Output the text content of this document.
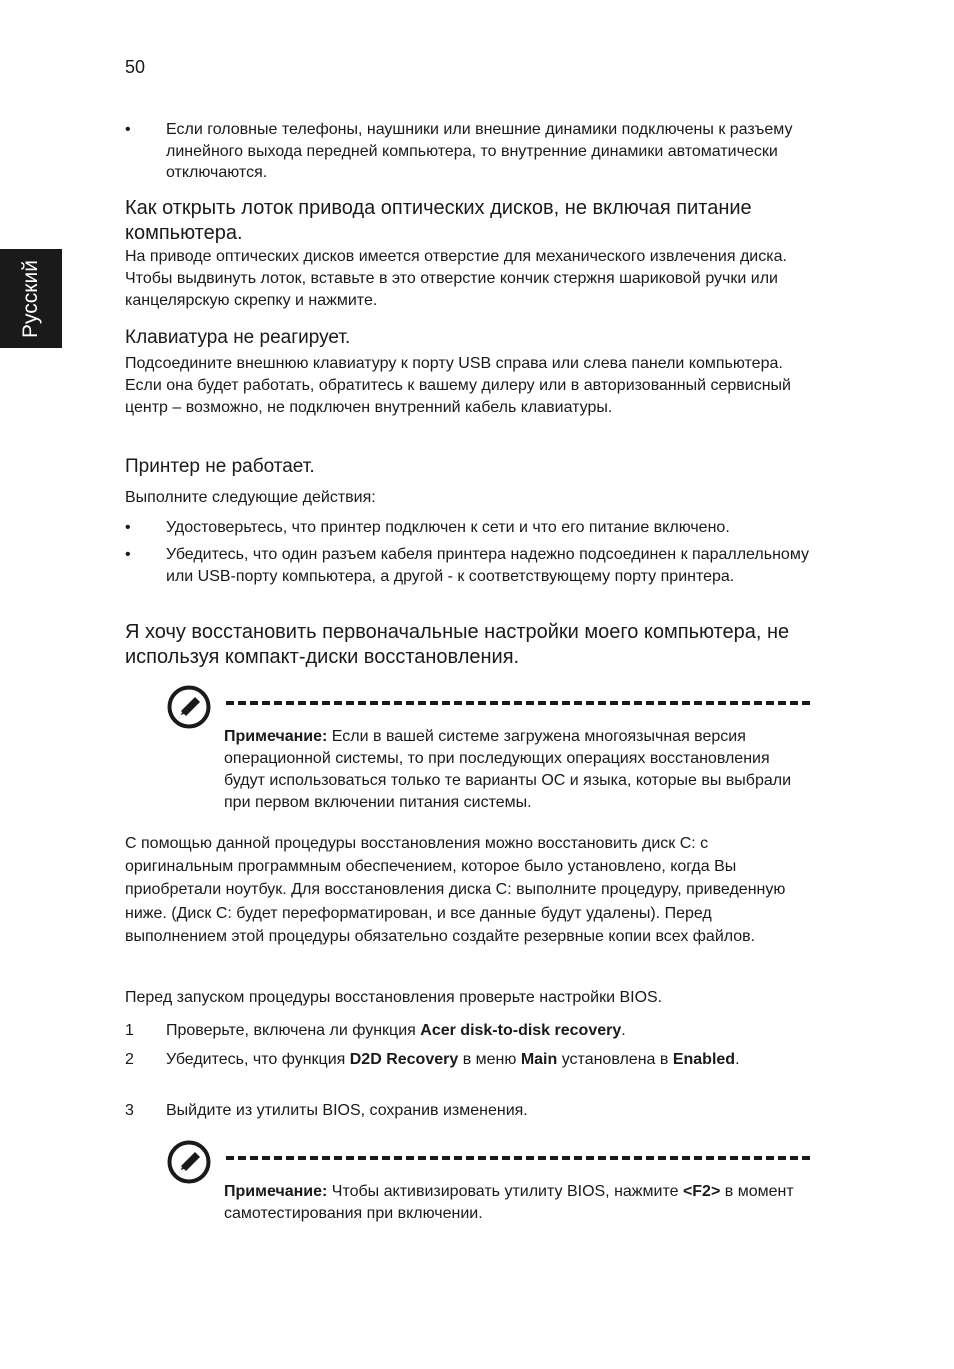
50
Русский
•	Если головные телефоны, наушники или внешние динамики подключены к разъему линейного выхода передней компьютера, то внутренние динамики автоматически отключаются.
Как открыть лоток привода оптических дисков, не включая питание компьютера.
На приводе оптических дисков имеется отверстие для механического извлечения диска. Чтобы выдвинуть лоток, вставьте в это отверстие кончик стержня шариковой ручки или канцелярскую скрепку и нажмите.
Клавиатура не реагирует.
Подсоедините внешнюю клавиатуру к порту USB справа или слева панели компьютера. Если она будет работать, обратитесь к вашему дилеру или в авторизованный сервисный центр – возможно, не подключен внутренний кабель клавиатуры.
Принтер не работает.
Выполните следующие действия:
•	Удостоверьтесь, что принтер подключен к сети и что его питание включено.
•	Убедитесь, что один разъем кабеля принтера надежно подсоединен к параллельному или USB-порту компьютера, а другой - к соответствующему порту принтера.
Я хочу восстановить первоначальные настройки моего компьютера, не используя компакт-диски восстановления.
Примечание: Если в вашей системе загружена многоязычная версия операционной системы, то при последующих операциях восстановления будут использоваться только те варианты ОС и языка, которые вы выбрали при первом включении питания системы.
С помощью данной процедуры восстановления можно восстановить диск С: с оригинальным программным обеспечением, которое было установлено, когда Вы приобретали ноутбук. Для восстановления диска C: выполните процедуру, приведенную ниже. (Диск C: будет переформатирован, и все данные будут удалены). Перед выполнением этой процедуры обязательно создайте резервные копии всех файлов.
Перед запуском процедуры восстановления проверьте настройки BIOS.
1	Проверьте, включена ли функция Acer disk-to-disk recovery.
2	Убедитесь, что функция D2D Recovery в меню Main установлена в Enabled.
3	Выйдите из утилиты BIOS, сохранив изменения.
Примечание: Чтобы активизировать утилиту BIOS, нажмите <F2> в момент самотестирования при включении.
